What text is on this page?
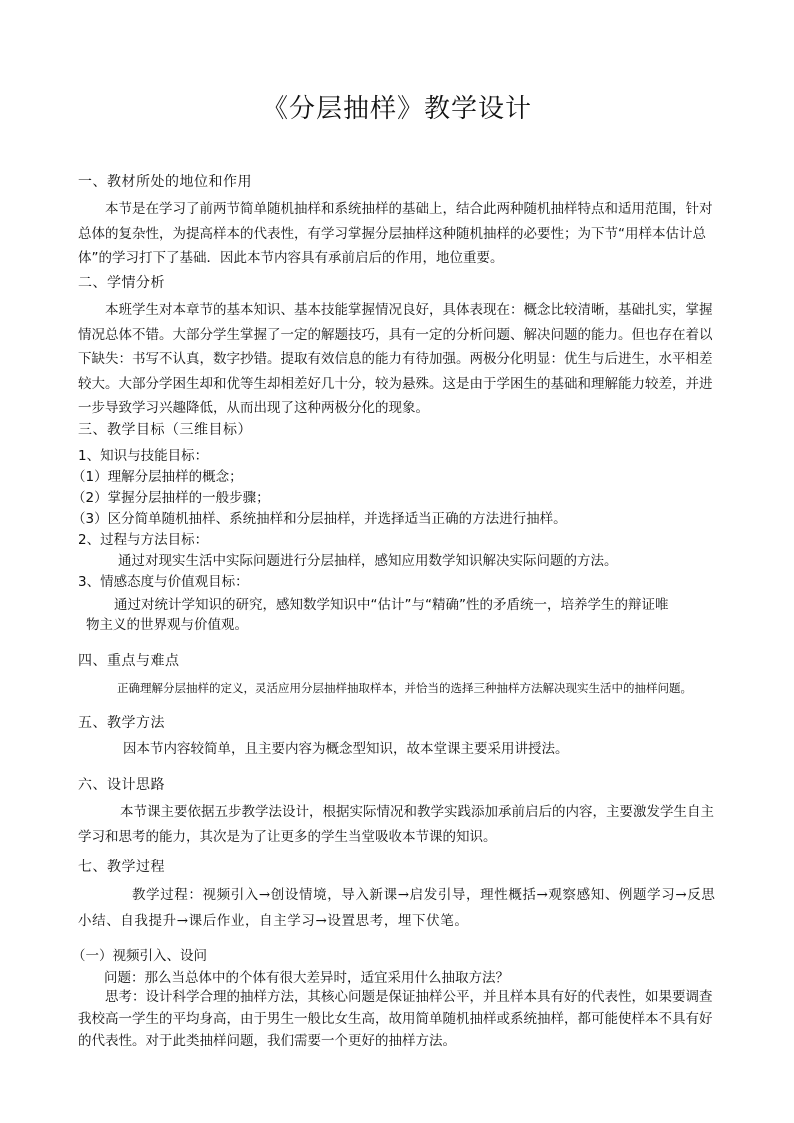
《分层抽样》教学设计

一、教材所处的地位和作用

本节是在学习了前两节简单随机抽样和系统抽样的基础上，结合此两种随机抽样特点和适用范围，针对总体的复杂性，为提高样本的代表性，有学习掌握分层抽样这种随机抽样的必要性；为下节“用样本估计总体”的学习打下了基础．因此本节内容具有承前启后的作用，地位重要。

二、学情分析

本班学生对本章节的基本知识、基本技能掌握情况良好，具体表现在：概念比较清晰，基础扎实，掌握情况总体不错。大部分学生掌握了一定的解题技巧，具有一定的分析问题、解决问题的能力。但也存在着以下缺失：书写不认真，数字抄错。提取有效信息的能力有待加强。两极分化明显：优生与后进生，水平相差较大。大部分学困生却和优等生却相差好几十分，较为悬殊。这是由于学困生的基础和理解能力较差，并进一步导致学习兴趣降低，从而出现了这种两极分化的现象。

三、教学目标（三维目标）

1、知识与技能目标：

（1）理解分层抽样的概念；

（2）掌握分层抽样的一般步骤；

（3）区分简单随机抽样、系统抽样和分层抽样，并选择适当正确的方法进行抽样。

2、过程与方法目标：

通过对现实生活中实际问题进行分层抽样，感知应用数学知识解决实际问题的方法。

3、情感态度与价值观目标：

通过对统计学知识的研究，感知数学知识中“估计”与“精确”性的矛盾统一，培养学生的辩证唯

物主义的世界观与价值观。

四、重点与难点

正确理解分层抽样的定义，灵活应用分层抽样抽取样本，并恰当的选择三种抽样方法解决现实生活中的抽样问题。

五、教学方法

因本节内容较简单，且主要内容为概念型知识，故本堂课主要采用讲授法。

六、设计思路

本节课主要依据五步教学法设计，根据实际情况和教学实践添加承前启后的内容，主要激发学生自主学习和思考的能力，其次是为了让更多的学生当堂吸收本节课的知识。

七、教学过程

教学过程：视频引入→创设情境，导入新课→启发引导，理性概括→观察感知、例题学习→反思小结、自我提升→课后作业，自主学习→设置思考，埋下伏笔。

（一）视频引入、设问

问题：那么当总体中的个体有很大差异时，适宜采用什么抽取方法？

思考：设计科学合理的抽样方法，其核心问题是保证抽样公平，并且样本具有好的代表性，如果要调查我校高一学生的平均身高，由于男生一般比女生高，故用简单随机抽样或系统抽样，都可能使样本不具有好的代表性。对于此类抽样问题，我们需要一个更好的抽样方法。
